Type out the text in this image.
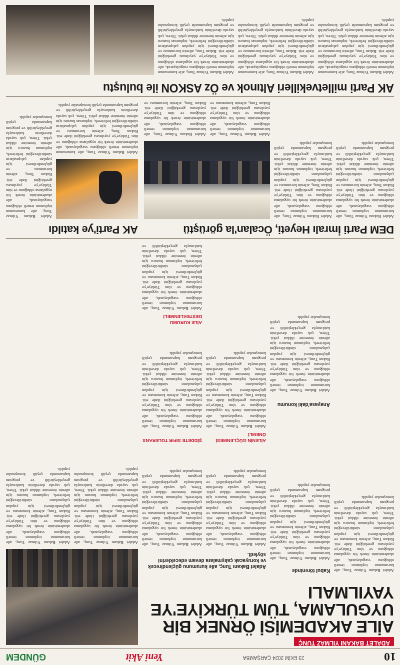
10
23 EKİM 2024 ÇARŞAMBA
Yeni Akit
GÜNDEM
ADALET BAKANI YILMAZ TUNÇ
AİLE AKADEMİSİ ÖRNEK BİR UYGULAMA, TÜM TÜRKİYE'YE YAYILMALI
Adalet Bakanı Yılmaz Tunç, aile kurumunun toplumun temeli olduğunu vurgulayarak, aile akademisinin örnek bir uygulama olduğunu ve tüm Türkiye'ye yayılması gerektiğini ifade etti. Bakan Tunç, ailenin korunması ve güçlendirilmesi için yapılan çalışmaların sürdürüleceğini belirterek, toplumun huzuru için ailenin önemine dikkat çekti. Tören, çok sayıda davetlinin katılımıyla gerçekleştirildi ve program kapsamında çeşitli konuşmalar yapıldı.
Kabul töreninde
Adalet Bakanı Yılmaz Tunç, aile kurumunun toplumun temeli olduğunu vurgulayarak, aile akademisinin örnek bir uygulama olduğunu ve tüm Türkiye'ye yayılması gerektiğini ifade etti. Bakan Tunç, ailenin korunması ve güçlendirilmesi için yapılan çalışmaların sürdürüleceğini belirterek, toplumun huzuru için ailenin önemine dikkat çekti. Tören, çok sayıda davetlinin katılımıyla gerçekleştirildi ve program kapsamında çeşitli konuşmalar yapıldı.
Anayasa'daki konumu
Adalet Bakanı Yılmaz Tunç, aile kurumunun toplumun temeli olduğunu vurgulayarak, aile akademisinin örnek bir uygulama olduğunu ve tüm Türkiye'ye yayılması gerektiğini ifade etti. Bakan Tunç, ailenin korunması ve güçlendirilmesi için yapılan çalışmaların sürdürüleceğini belirterek, toplumun huzuru için ailenin önemine dikkat çekti. Tören, çok sayıda davetlinin katılımıyla gerçekleştirildi ve program kapsamında çeşitli konuşmalar yapıldı.
Adalet Bakanı Tunç, aile kurumunu güçlendirecek ve koruyacak çalışmalara devam edeceklerini söyledi.
Adalet Bakanı Yılmaz Tunç, aile kurumunun toplumun temeli olduğunu vurgulayarak, aile akademisinin örnek bir uygulama olduğunu ve tüm Türkiye'ye yayılması gerektiğini ifade etti. Bakan Tunç, ailenin korunması ve güçlendirilmesi için yapılan çalışmaların sürdürüleceğini belirterek, toplumun huzuru için ailenin önemine dikkat çekti. Tören, çok sayıda davetlinin katılımıyla gerçekleştirildi ve program kapsamında çeşitli konuşmalar yapıldı.
Adalet Bakanı Yılmaz Tunç, aile kurumunun toplumun temeli olduğunu vurgulayarak, aile akademisinin örnek bir uygulama olduğunu ve tüm Türkiye'ye yayılması gerektiğini ifade etti. Bakan Tunç, ailenin korunması ve güçlendirilmesi için yapılan çalışmaların sürdürüleceğini belirterek, toplumun huzuru için ailenin önemine dikkat çekti. Tören, çok sayıda davetlinin katılımıyla gerçekleştirildi ve program kapsamında çeşitli konuşmalar yapıldı.
AİLENİN GÜÇLENMESİ ÖNEMLİ
Adalet Bakanı Yılmaz Tunç, aile kurumunun toplumun temeli olduğunu vurgulayarak, aile akademisinin örnek bir uygulama olduğunu ve tüm Türkiye'ye yayılması gerektiğini ifade etti. Bakan Tunç, ailenin korunması ve güçlendirilmesi için yapılan çalışmaların sürdürüleceğini belirterek, toplumun huzuru için ailenin önemine dikkat çekti. Tören, çok sayıda davetlinin katılımıyla gerçekleştirildi ve program kapsamında çeşitli konuşmalar yapıldı.
ŞİDDETE SIFIR TOLERANS
Adalet Bakanı Yılmaz Tunç, aile kurumunun toplumun temeli olduğunu vurgulayarak, aile akademisinin örnek bir uygulama olduğunu ve tüm Türkiye'ye yayılması gerektiğini ifade etti. Bakan Tunç, ailenin korunması ve güçlendirilmesi için yapılan çalışmaların sürdürüleceğini belirterek, toplumun huzuru için ailenin önemine dikkat çekti. Tören, çok sayıda davetlinin katılımıyla gerçekleştirildi ve program kapsamında çeşitli konuşmalar yapıldı.
AİLE KURUMU DESTEKLENMELİ
Adalet Bakanı Yılmaz Tunç, aile kurumunun toplumun temeli olduğunu vurgulayarak, aile akademisinin örnek bir uygulama olduğunu ve tüm Türkiye'ye yayılması gerektiğini ifade etti. Bakan Tunç, ailenin korunması ve güçlendirilmesi için yapılan çalışmaların sürdürüleceğini belirterek, toplumun huzuru için ailenin önemine dikkat çekti. Tören, çok sayıda davetlinin katılımıyla gerçekleştirildi ve
Adalet Bakanı Yılmaz Tunç, aile kurumunun toplumun temeli olduğunu vurgulayarak, aile akademisinin örnek bir uygulama olduğunu ve tüm Türkiye'ye yayılması gerektiğini ifade etti. Bakan Tunç, ailenin korunması ve güçlendirilmesi için yapılan çalışmaların sürdürüleceğini belirterek, toplumun huzuru için ailenin önemine dikkat çekti. Tören, çok sayıda davetlinin katılımıyla gerçekleştirildi ve program kapsamında çeşitli konuşmalar yapıldı.
Adalet Bakanı Yılmaz Tunç, aile kurumunun toplumun temeli olduğunu vurgulayarak, aile akademisinin örnek bir uygulama olduğunu ve tüm Türkiye'ye yayılması gerektiğini ifade etti. Bakan Tunç, ailenin korunması ve güçlendirilmesi için yapılan çalışmaların sürdürüleceğini belirterek, toplumun huzuru için ailenin önemine dikkat çekti. Tören, çok sayıda davetlinin katılımıyla gerçekleştirildi ve program kapsamında çeşitli konuşmalar yapıldı.
DEM Parti İmralı Heyeti, Öcalan'la görüştü
Adalet Bakanı Yılmaz Tunç, aile kurumunun toplumun temeli olduğunu vurgulayarak, aile akademisinin örnek bir uygulama olduğunu ve tüm Türkiye'ye yayılması gerektiğini ifade etti. Bakan Tunç, ailenin korunması ve güçlendirilmesi için yapılan çalışmaların sürdürüleceğini belirterek, toplumun huzuru için ailenin önemine dikkat çekti. Tören, çok sayıda davetlinin katılımıyla gerçekleştirildi ve program kapsamında çeşitli konuşmalar yapıldı.
Adalet Bakanı Yılmaz Tunç, aile kurumunun toplumun temeli olduğunu vurgulayarak, aile akademisinin örnek bir uygulama olduğunu ve tüm Türkiye'ye yayılması gerektiğini ifade etti. Bakan Tunç, ailenin korunması ve güçlendirilmesi için yapılan çalışmaların sürdürüleceğini belirterek, toplumun huzuru için ailenin önemine dikkat çekti. Tören, çok sayıda davetlinin katılımıyla gerçekleştirildi ve program kapsamında çeşitli konuşmalar yapıldı.
Adalet Bakanı Yılmaz Tunç, aile kurumunun toplumun temeli olduğunu vurgulayarak, aile akademisinin örnek bir uygulama olduğunu ve tüm Türkiye'ye yayılması gerektiğini ifade etti. Bakan Tunç, ailenin korunması ve
Adalet Bakanı Yılmaz Tunç, aile kurumunun toplumun temeli olduğunu vurgulayarak, aile akademisinin örnek bir uygulama olduğunu ve tüm Türkiye'ye yayılması gerektiğini ifade etti. Bakan Tunç, ailenin korunması ve
AK Parti'ye katıldı
Adalet Bakanı Yılmaz Tunç, aile kurumunun toplumun temeli olduğunu vurgulayarak, aile akademisinin örnek bir uygulama olduğunu ve tüm Türkiye'ye yayılması gerektiğini ifade etti. Bakan Tunç, ailenin korunması ve güçlendirilmesi için yapılan çalışmaların sürdürüleceğini belirterek, toplumun huzuru için ailenin önemine dikkat çekti. Tören, çok sayıda davetlinin katılımıyla gerçekleştirildi ve program kapsamında çeşitli konuşmalar yapıldı.
Adalet Bakanı Yılmaz Tunç, aile kurumunun toplumun temeli olduğunu vurgulayarak, aile akademisinin örnek bir uygulama olduğunu ve tüm Türkiye'ye yayılması gerektiğini ifade etti. Bakan Tunç, ailenin korunması ve güçlendirilmesi için yapılan çalışmaların sürdürüleceğini belirterek, toplumun huzuru için ailenin önemine dikkat çekti. Tören, çok sayıda davetlinin katılımıyla gerçekleştirildi ve program kapsamında çeşitli konuşmalar yapıldı.
AK Parti milletvekilleri Altınok ve Öz ASKON ile buluştu
Adalet Bakanı Yılmaz Tunç, aile kurumunun toplumun temeli olduğunu vurgulayarak, aile akademisinin örnek bir uygulama olduğunu ve tüm Türkiye'ye yayılması gerektiğini ifade etti. Bakan Tunç, ailenin korunması ve güçlendirilmesi için yapılan çalışmaların sürdürüleceğini belirterek, toplumun huzuru için ailenin önemine dikkat çekti. Tören, çok sayıda davetlinin katılımıyla gerçekleştirildi ve program kapsamında çeşitli konuşmalar yapıldı.
Adalet Bakanı Yılmaz Tunç, aile kurumunun toplumun temeli olduğunu vurgulayarak, aile akademisinin örnek bir uygulama olduğunu ve tüm Türkiye'ye yayılması gerektiğini ifade etti. Bakan Tunç, ailenin korunması ve güçlendirilmesi için yapılan çalışmaların sürdürüleceğini belirterek, toplumun huzuru için ailenin önemine dikkat çekti. Tören, çok sayıda davetlinin katılımıyla gerçekleştirildi ve program kapsamında çeşitli konuşmalar yapıldı.
Adalet Bakanı Yılmaz Tunç, aile kurumunun toplumun temeli olduğunu vurgulayarak, aile akademisinin örnek bir uygulama olduğunu ve tüm Türkiye'ye yayılması gerektiğini ifade etti. Bakan Tunç, ailenin korunması ve güçlendirilmesi için yapılan çalışmaların sürdürüleceğini belirterek, toplumun huzuru için ailenin önemine dikkat çekti. Tören, çok sayıda davetlinin katılımıyla gerçekleştirildi ve program kapsamında çeşitli konuşmalar yapıldı.
